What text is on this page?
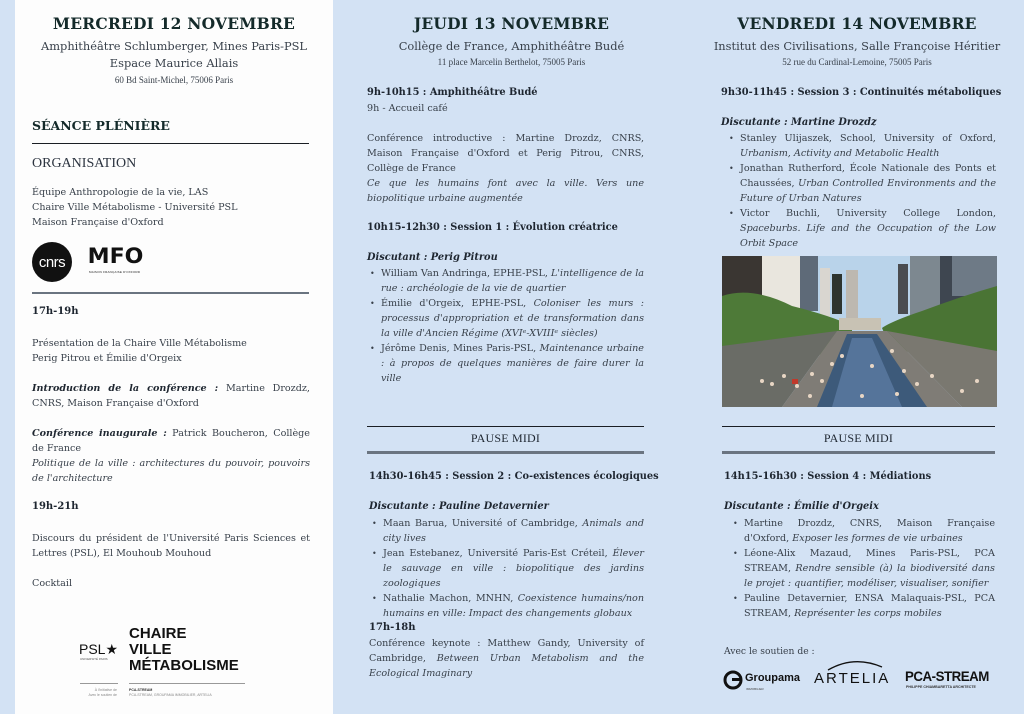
MERCREDI 12 NOVEMBRE
Amphithéâtre Schlumberger, Mines Paris-PSL
Espace Maurice Allais
60 Bd Saint-Michel, 75006 Paris
SÉANCE PLÉNIÈRE
ORGANISATION
Équipe Anthropologie de la vie, LAS
Chaire Ville Métabolisme - Université PSL
Maison Française d'Oxford
cnrs	MFO
MAISON FRANÇAISE D'OXFORD
17h-19h
Présentation de la Chaire Ville Métabolisme
Perig Pitrou et Émilie d'Orgeix
Introduction de la conférence : Martine Drozdz, CNRS, Maison Française d'Oxford
Conférence inaugurale : Patrick Boucheron, Collège de France
Politique de la ville : architectures du pouvoir, pouvoirs de l'architecture
19h-21h
Discours du président de l'Université Paris Sciences et Lettres (PSL), El Mouhoub Mouhoud
Cocktail
PSL★
UNIVERSITÉ PARIS
CHAIRE
VILLE
MÉTABOLISME
À l'initiative de
Avec le soutien de
PCA-STREAM
PCA-STREAM, GROUPAMA IMMOBILIER, ARTELIA
JEUDI 13 NOVEMBRE
Collège de France, Amphithéâtre Budé
11 place Marcelin Berthelot, 75005 Paris
9h-10h15 : Amphithéâtre Budé
9h - Accueil café
Conférence introductive : Martine Drozdz, CNRS, Maison Française d'Oxford et Perig Pitrou, CNRS, Collège de France
Ce que les humains font avec la ville. Vers une biopolitique urbaine augmentée
10h15-12h30 : Session 1 : Évolution créatrice
Discutant : Perig Pitrou
• William Van Andringa, EPHE-PSL, L'intelligence de la rue : archéologie de la vie de quartier
• Émilie d'Orgeix, EPHE-PSL, Coloniser les murs : processus d'appropriation et de transformation dans la ville d'Ancien Régime (XVIᵉ-XVIIIᵉ siècles)
• Jérôme Denis, Mines Paris-PSL, Maintenance urbaine : à propos de quelques manières de faire durer la ville
PAUSE MIDI
14h30-16h45 : Session 2 : Co-existences écologiques
Discutante : Pauline Detavernier
• Maan Barua, Université of Cambridge, Animals and city lives
• Jean Estebanez, Université Paris-Est Créteil, Élever le sauvage en ville : biopolitique des jardins zoologiques
• Nathalie Machon, MNHN, Coexistence humains/non humains en ville: Impact des changements globaux
17h-18h
Conférence keynote : Matthew Gandy, University of Cambridge, Between Urban Metabolism and the Ecological Imaginary
VENDREDI 14 NOVEMBRE
Institut des Civilisations, Salle Françoise Héritier
52 rue du Cardinal-Lemoine, 75005 Paris
9h30-11h45 : Session 3 : Continuités métaboliques
Discutante : Martine Drozdz
• Stanley Ulijaszek, School, University of Oxford, Urbanism, Activity and Metabolic Health
• Jonathan Rutherford, École Nationale des Ponts et Chaussées, Urban Controlled Environments and the Future of Urban Natures
• Victor Buchli, University College London, Spaceburbs. Life and the Occupation of the Low Orbit Space
PAUSE MIDI
14h15-16h30 : Session 4 : Médiations
Discutante : Émilie d'Orgeix
• Martine Drozdz, CNRS, Maison Française d'Oxford, Exposer les formes de vie urbaines
• Léone-Alix Mazaud, Mines Paris-PSL, PCA STREAM, Rendre sensible (à) la biodiversité dans le projet : quantifier, modéliser, visualiser, sonifier
• Pauline Detavernier, ENSA Malaquais-PSL, PCA STREAM, Représenter les corps mobiles
Avec le soutien de :
Groupama
IMMOBILIER
ARTELIA PCA-STREAM
PHILIPPE CHIAMBARETTA ARCHITECTE
